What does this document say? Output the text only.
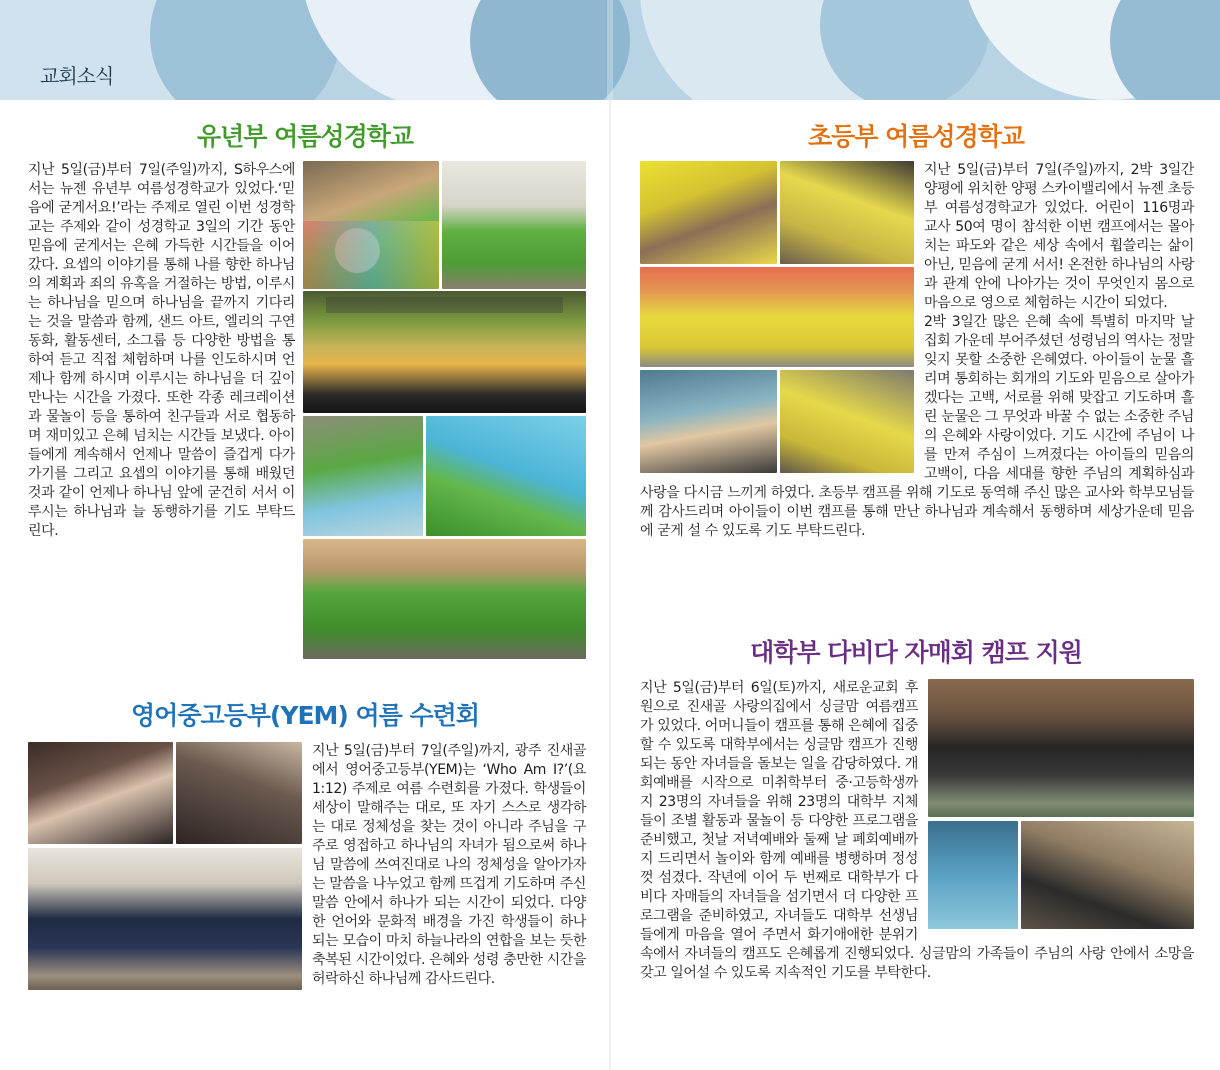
교회소식
유년부 여름성경학교

지난 5일(금)부터 7일(주일)까지, S하우스에서는 뉴젠 유년부 여름성경학교가 있었다.‘믿음에 굳게서요!’라는 주제로 열린 이번 성경학교는 주제와 같이 성경학교 3일의 기간 동안 믿음에 굳게서는 은혜 가득한 시간들을 이어갔다. 요셉의 이야기를 통해 나를 향한 하나님의 계획과 죄의 유혹을 거절하는 방법, 이루시는 하나님을 믿으며 하나님을 끝까지 기다리는 것을 말씀과 함께, 샌드 아트, 엘리의 구연동화, 활동센터, 소그룹 등 다양한 방법을 통하여 듣고 직접 체험하며 나를 인도하시며 언제나 함께 하시며 이루시는 하나님을 더 깊이 만나는 시간을 가졌다. 또한 각종 레크레이션과 물놀이 등을 통하여 친구들과 서로 협동하며 재미있고 은혜 넘치는 시간들 보냈다. 아이들에게 계속해서 언제나 말씀이 즐겁게 다가가기를 그리고 요셉의 이야기를 통해 배웠던 것과 같이 언제나 하나님 앞에 굳건히 서서 이루시는 하나님과 늘 동행하기를 기도 부탁드린다.

영어중고등부(YEM) 여름 수련회

지난 5일(금)부터 7일(주일)까지, 광주 진새골에서 영어중고등부(YEM)는 ‘Who Am I?’(요 1:12) 주제로 여름 수련회를 가졌다. 학생들이 세상이 말해주는 대로, 또 자기 스스로 생각하는 대로 정체성을 찾는 것이 아니라 주님을 구주로 영접하고 하나님의 자녀가 됨으로써 하나님 말씀에 쓰여진대로 나의 정체성을 알아가자는 말씀을 나누었고 함께 뜨겁게 기도하며 주신 말씀 안에서 하나가 되는 시간이 되었다. 다양한 언어와 문화적 배경을 가진 학생들이 하나 되는 모습이 마치 하늘나라의 연합을 보는 듯한 축복된 시간이었다. 은혜와 성령 충만한 시간을 허락하신 하나님께 감사드린다.

초등부 여름성경학교

지난 5일(금)부터 7일(주일)까지, 2박 3일간 양평에 위치한 양평 스카이밸리에서 뉴젠 초등부 여름성경학교가 있었다. 어린이 116명과 교사 50여 명이 참석한 이번 캠프에서는 몰아치는 파도와 같은 세상 속에서 휩쓸리는 삶이 아닌, 믿음에 굳게 서서! 온전한 하나님의 사랑과 관계 안에 나아가는 것이 무엇인지 몸으로 마음으로 영으로 체험하는 시간이 되었다.

2박 3일간 많은 은혜 속에 특별히 마지막 날 집회 가운데 부어주셨던 성령님의 역사는 정말 잊지 못할 소중한 은혜였다. 아이들이 눈물 흘리며 통회하는 회개의 기도와 믿음으로 살아가겠다는 고백, 서로를 위해 맞잡고 기도하며 흘린 눈물은 그 무엇과 바꿀 수 없는 소중한 주님의 은혜와 사랑이었다. 기도 시간에 주님이 나를 만져 주심이 느껴졌다는 아이들의 믿음의 고백이, 다음 세대를 향한 주님의 계획하심과 사랑을 다시금 느끼게 하였다. 초등부 캠프를 위해 기도로 동역해 주신 많은 교사와 학부모님들께 감사드리며 아이들이 이번 캠프를 통해 만난 하나님과 계속해서 동행하며 세상가운데 믿음에 굳게 설 수 있도록 기도 부탁드린다.

대학부 다비다 자매회 캠프 지원

지난 5일(금)부터 6일(토)까지, 새로운교회 후원으로 진새골 사랑의집에서 싱글맘 여름캠프가 있었다. 어머니들이 캠프를 통해 은혜에 집중할 수 있도록 대학부에서는 싱글맘 캠프가 진행되는 동안 자녀들을 돌보는 일을 감당하였다. 개회예배를 시작으로 미취학부터 중·고등학생까지 23명의 자녀들을 위해 23명의 대학부 지체들이 조별 활동과 물놀이 등 다양한 프로그램을 준비했고, 첫날 저녁예배와 둘째 날 폐회예배까지 드리면서 놀이와 함께 예배를 병행하며 정성껏 섬겼다. 작년에 이어 두 번째로 대학부가 다비다 자매들의 자녀들을 섬기면서 더 다양한 프로그램을 준비하였고, 자녀들도 대학부 선생님들에게 마음을 열어 주면서 화기애애한 분위기 속에서 자녀들의 캠프도 은혜롭게 진행되었다. 싱글맘의 가족들이 주님의 사랑 안에서 소망을 갖고 일어설 수 있도록 지속적인 기도를 부탁한다.
